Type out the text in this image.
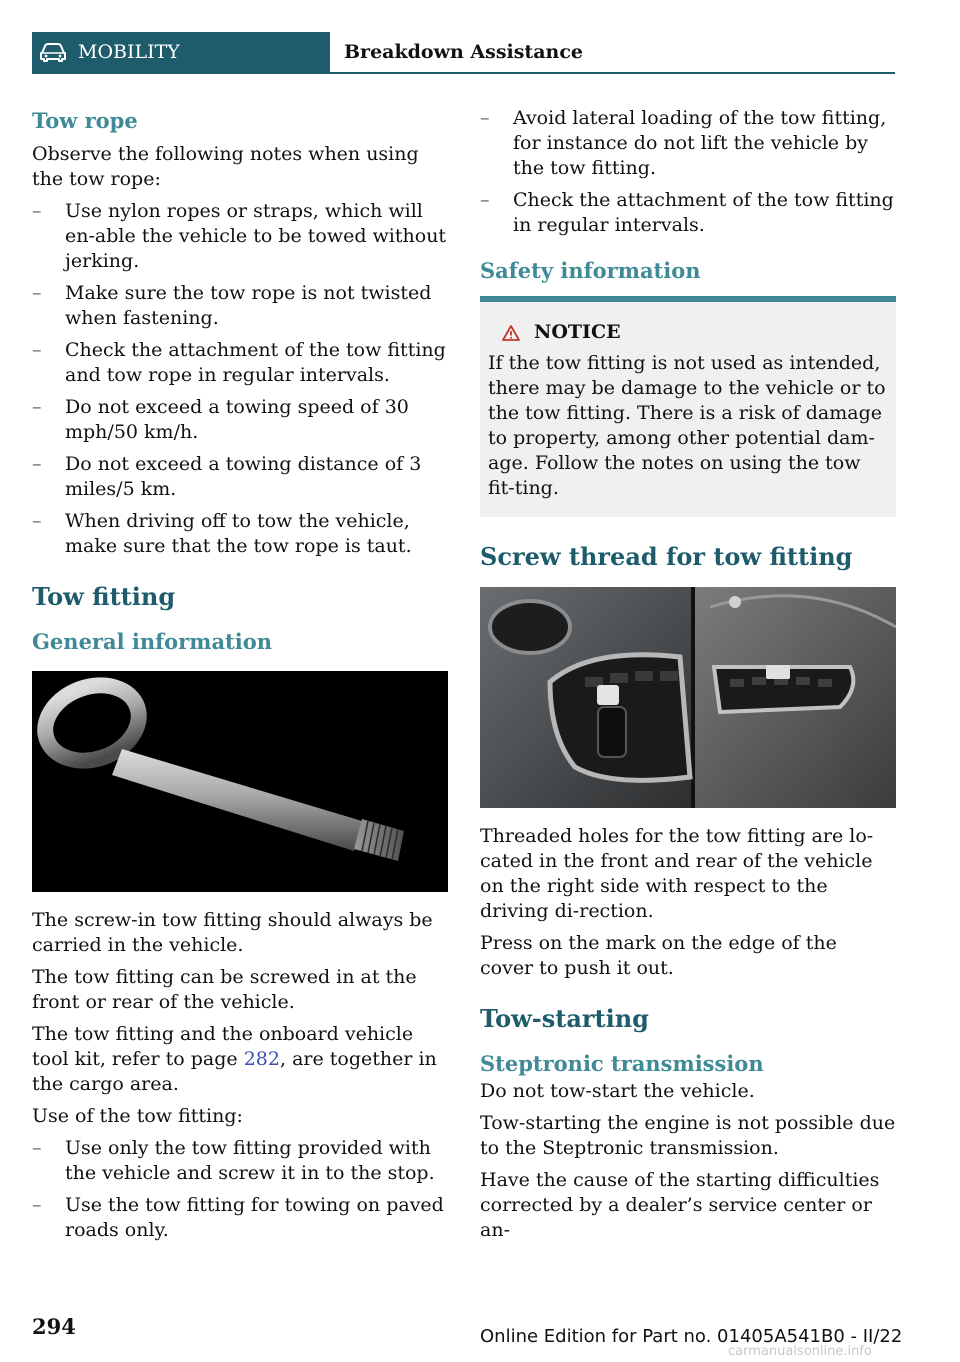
MOBILITY	Breakdown Assistance
Tow rope

Observe the following notes when using the tow rope:

– Use nylon ropes or straps, which will en-able the vehicle to be towed without jerking.
– Make sure the tow rope is not twisted when fastening.
– Check the attachment of the tow fitting and tow rope in regular intervals.
– Do not exceed a towing speed of 30 mph/50 km/h.
– Do not exceed a towing distance of 3 miles/5 km.
– When driving off to tow the vehicle, make sure that the tow rope is taut.
Tow fitting
General information

The screw-in tow fitting should always be carried in the vehicle.

The tow fitting can be screwed in at the front or rear of the vehicle.

The tow fitting and the onboard vehicle tool kit, refer to page 282, are together in the cargo area.

Use of the tow fitting:

– Use only the tow fitting provided with the vehicle and screw it in to the stop.
– Use the tow fitting for towing on paved roads only.
– Avoid lateral loading of the tow fitting, for instance do not lift the vehicle by the tow fitting.
– Check the attachment of the tow fitting in regular intervals.
Safety information
NOTICE

If the tow fitting is not used as intended, there may be damage to the vehicle or to the tow fitting. There is a risk of damage to property, among other potential dam-age. Follow the notes on using the tow fit-ting.

Screw thread for tow fitting

Threaded holes for the tow fitting are lo-cated in the front and rear of the vehicle on the right side with respect to the driving di-rection.

Press on the mark on the edge of the cover to push it out.

Tow-starting
Steptronic transmission

Do not tow-start the vehicle.

Tow-starting the engine is not possible due to the Steptronic transmission.

Have the cause of the starting difficulties corrected by a dealer’s service center or an-

294	Online Edition for Part no. 01405A541B0 - II/22
carmanualsonline.info
